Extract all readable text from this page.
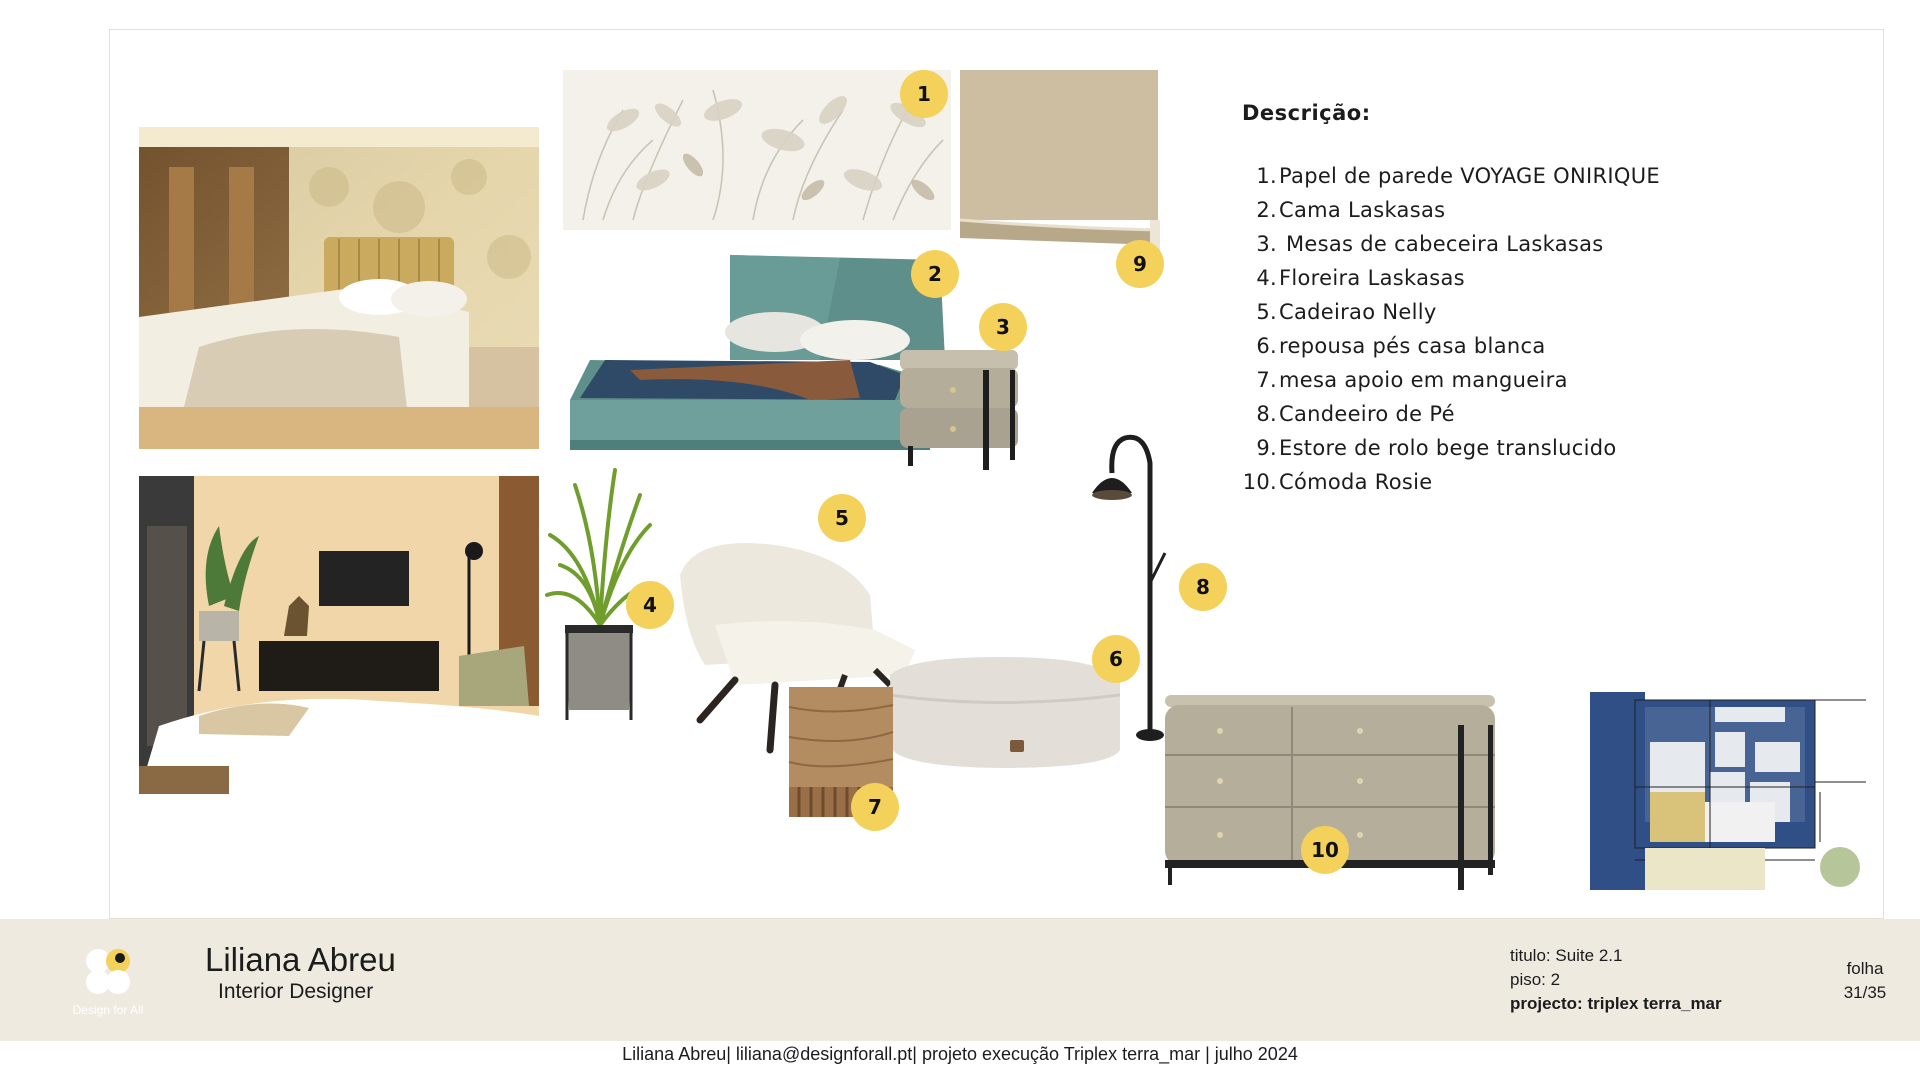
1
2
3
4
5
6
7
8
9
10
Descrição:
1. Papel de parede VOYAGE ONIRIQUE
2. Cama Laskasas
3. Mesas de cabeceira Laskasas
4. Floreira Laskasas
5. Cadeirao Nelly
6. repousa pés casa blanca
7. mesa apoio em mangueira
8. Candeeiro de Pé
9. Estore de rolo bege translucido
10. Cómoda Rosie
Design for All
Liliana Abreu
Interior Designer
titulo: Suite 2.1
piso: 2
projecto: triplex terra_mar
folha
31/35
Liliana Abreu| liliana@designforall.pt| projeto execução Triplex terra_mar | julho 2024
